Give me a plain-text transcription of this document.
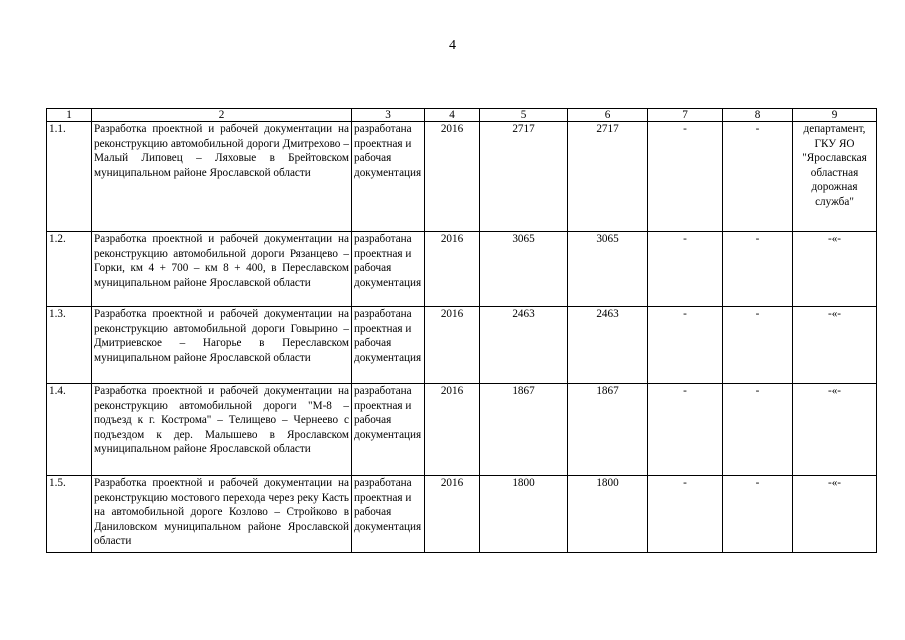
4
1	2	3	4	5	6	7	8	9
1.1.	Разработка проектной и рабочей документации на реконструкцию автомобильной дороги Дмитрехово – Малый Липовец – Ляховые в Брейтовском муниципальном районе Ярославской области	разработана проектная и рабочая документация	2016	2717	2717	-	-	департамент, ГКУ ЯО "Ярославская областная дорожная служба"
1.2.	Разработка проектной и рабочей документации на реконструкцию автомобильной дороги Рязанцево – Горки, км 4 + 700 – км 8 + 400, в Переславском муниципальном районе Ярославской области	разработана проектная и рабочая документация	2016	3065	3065	-	-	-«-
1.3.	Разработка проектной и рабочей документации на реконструкцию автомобильной дороги Говырино – Дмитриевское – Нагорье в Переславском муниципальном районе Ярославской области	разработана проектная и рабочая документация	2016	2463	2463	-	-	-«-
1.4.	Разработка проектной и рабочей документации на реконструкцию автомобильной дороги "М-8 – подъезд к г. Кострома" – Телищево – Чернеево с подъездом к дер. Малышево в Ярославском муниципальном районе Ярославской области	разработана проектная и рабочая документация	2016	1867	1867	-	-	-«-
1.5.	Разработка проектной и рабочей документации на реконструкцию мостового перехода через реку Касть на автомобильной дороге Козлово – Стройково в Даниловском муниципальном районе Ярославской области	разработана проектная и рабочая документация	2016	1800	1800	-	-	-«-
